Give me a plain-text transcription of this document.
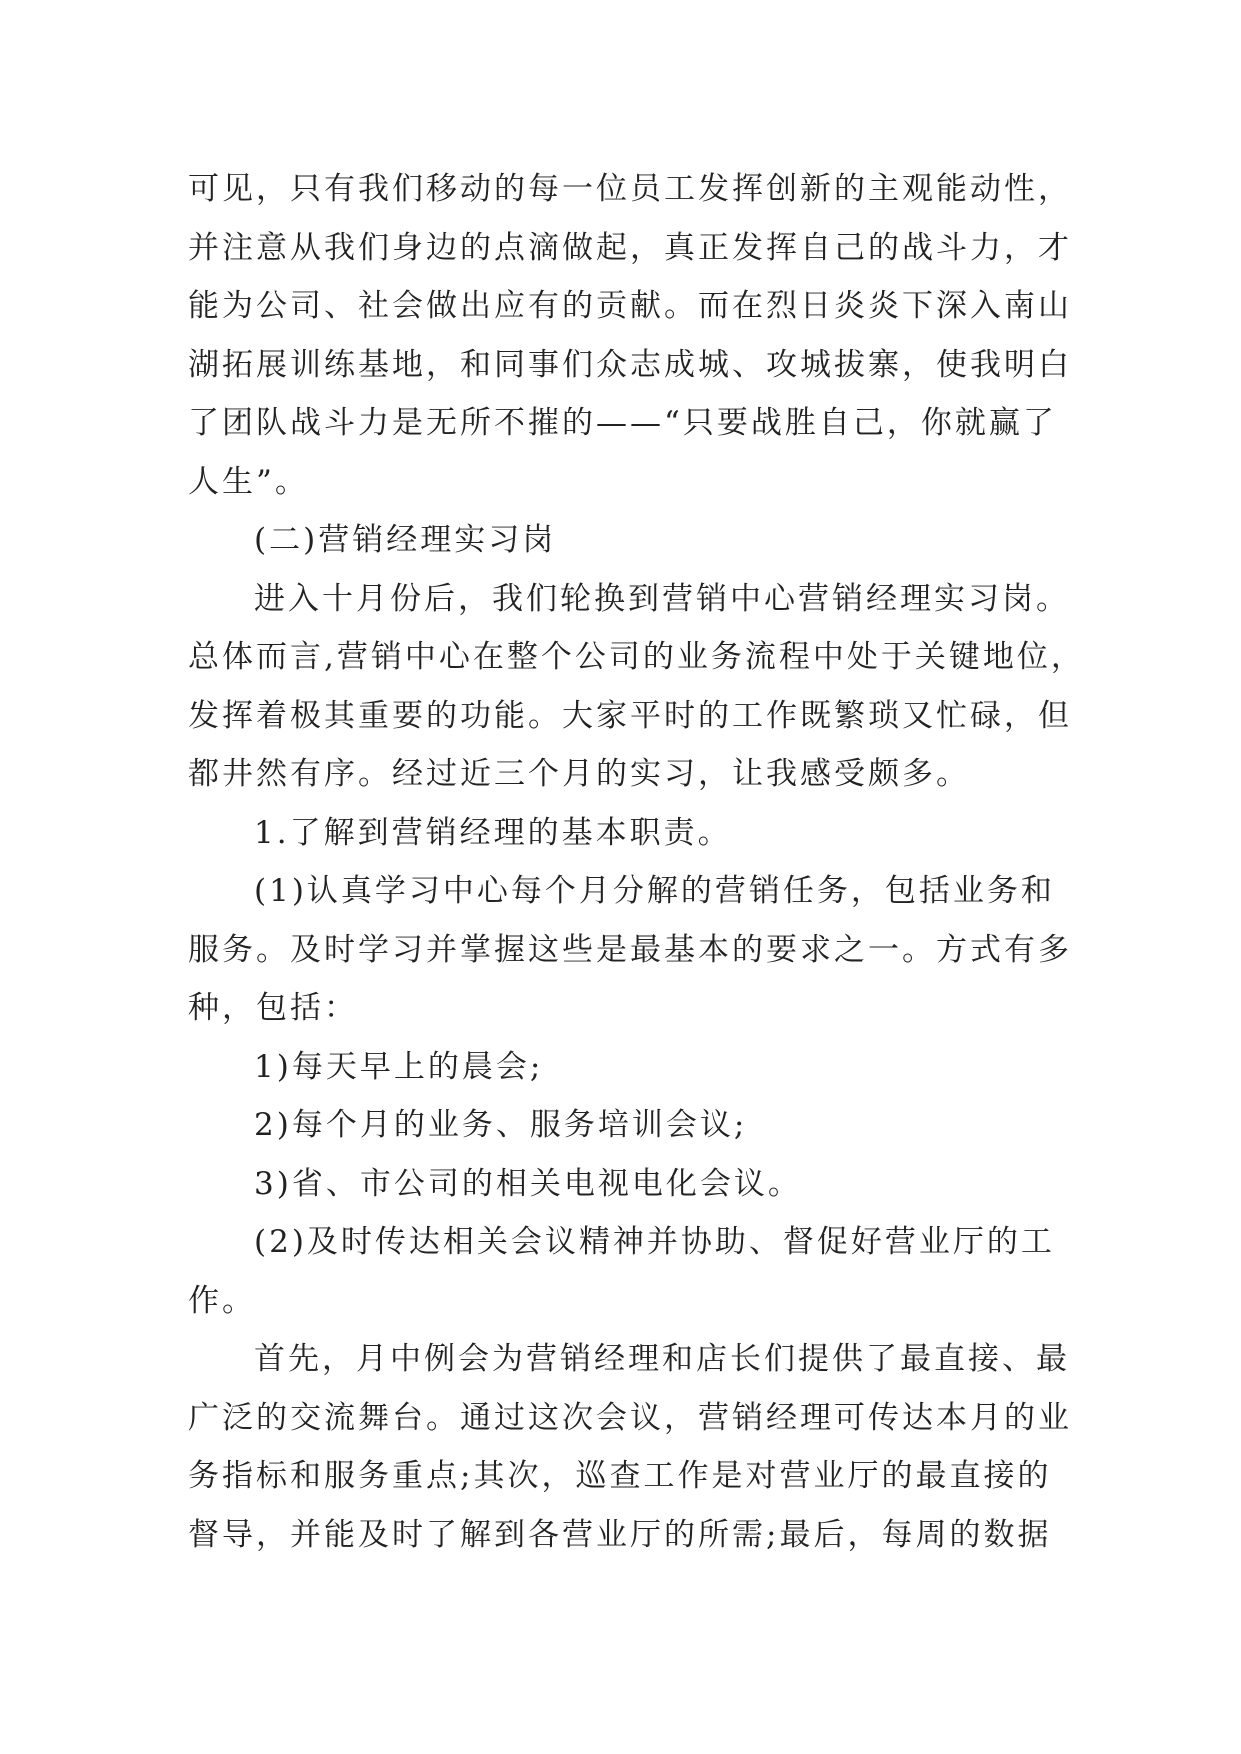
可见，只有我们移动的每一位员工发挥创新的主观能动性，
并注意从我们身边的点滴做起，真正发挥自己的战斗力，才
能为公司、社会做出应有的贡献。而在烈日炎炎下深入南山
湖拓展训练基地，和同事们众志成城、攻城拔寨，使我明白
了团队战斗力是无所不摧的——“只要战胜自己，你就赢了
人生”。
(二)营销经理实习岗
进入十月份后，我们轮换到营销中心营销经理实习岗。
总体而言,营销中心在整个公司的业务流程中处于关键地位，
发挥着极其重要的功能。大家平时的工作既繁琐又忙碌，但
都井然有序。经过近三个月的实习，让我感受颇多。
1.了解到营销经理的基本职责。
(1)认真学习中心每个月分解的营销任务，包括业务和
服务。及时学习并掌握这些是最基本的要求之一。方式有多
种，包括：
1)每天早上的晨会;
2)每个月的业务、服务培训会议;
3)省、市公司的相关电视电化会议。
(2)及时传达相关会议精神并协助、督促好营业厅的工
作。
首先，月中例会为营销经理和店长们提供了最直接、最
广泛的交流舞台。通过这次会议，营销经理可传达本月的业
务指标和服务重点;其次，巡查工作是对营业厅的最直接的
督导，并能及时了解到各营业厅的所需;最后，每周的数据
